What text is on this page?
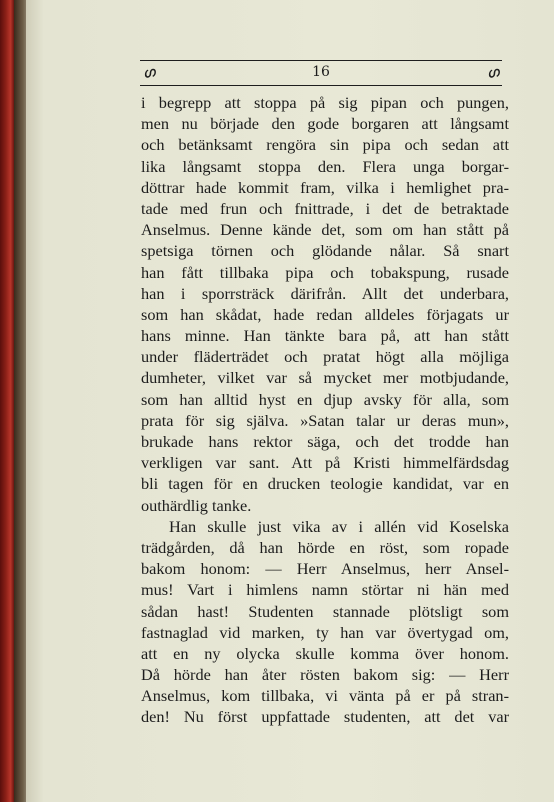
ഗ	16	ഗ
i begrepp att stoppa på sig pipan och pungen,
men nu började den gode borgaren att långsamt
och betänksamt rengöra sin pipa och sedan att
lika långsamt stoppa den. Flera unga borgar-
döttrar hade kommit fram, vilka i hemlighet pra-
tade med frun och fnittrade, i det de betraktade
Anselmus. Denne kände det, som om han stått på
spetsiga törnen och glödande nålar. Så snart
han fått tillbaka pipa och tobakspung, rusade
han i sporrsträck därifrån. Allt det underbara,
som han skådat, hade redan alldeles förjagats ur
hans minne. Han tänkte bara på, att han stått
under fläderträdet och pratat högt alla möjliga
dumheter, vilket var så mycket mer motbjudande,
som han alltid hyst en djup avsky för alla, som
prata för sig själva. »Satan talar ur deras mun»,
brukade hans rektor säga, och det trodde han
verkligen var sant. Att på Kristi himmelfärdsdag
bli tagen för en drucken teologie kandidat, var en
outhärdlig tanke.
Han skulle just vika av i allén vid Koselska
trädgården, då han hörde en röst, som ropade
bakom honom: — Herr Anselmus, herr Ansel-
mus! Vart i himlens namn störtar ni hän med
sådan hast! Studenten stannade plötsligt som
fastnaglad vid marken, ty han var övertygad om,
att en ny olycka skulle komma över honom.
Då hörde han åter rösten bakom sig: — Herr
Anselmus, kom tillbaka, vi vänta på er på stran-
den! Nu först uppfattade studenten, att det var
